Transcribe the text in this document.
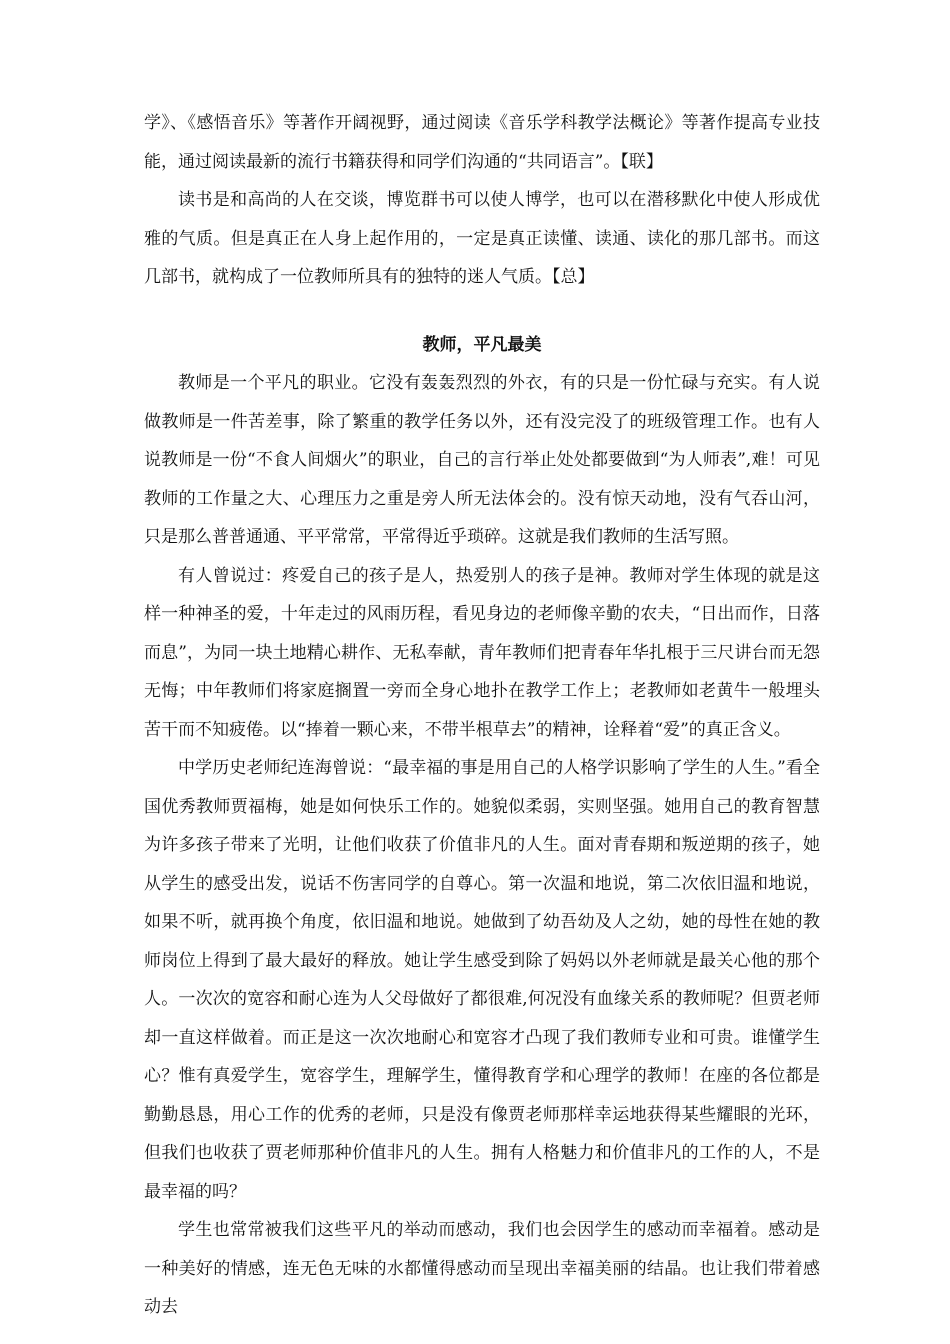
学》、《感悟音乐》等著作开阔视野，通过阅读《音乐学科教学法概论》等著作提高专业技能，通过阅读最新的流行书籍获得和同学们沟通的“共同语言”。【联】

读书是和高尚的人在交谈，博览群书可以使人博学，也可以在潜移默化中使人形成优雅的气质。但是真正在人身上起作用的，一定是真正读懂、读通、读化的那几部书。而这几部书，就构成了一位教师所具有的独特的迷人气质。【总】

教师，平凡最美

教师是一个平凡的职业。它没有轰轰烈烈的外衣，有的只是一份忙碌与充实。有人说做教师是一件苦差事，除了繁重的教学任务以外，还有没完没了的班级管理工作。也有人说教师是一份“不食人间烟火”的职业，自己的言行举止处处都要做到“为人师表”,难！可见教师的工作量之大、心理压力之重是旁人所无法体会的。没有惊天动地，没有气吞山河，只是那么普普通通、平平常常，平常得近乎琐碎。这就是我们教师的生活写照。

有人曾说过：疼爱自己的孩子是人，热爱别人的孩子是神。教师对学生体现的就是这样一种神圣的爱，十年走过的风雨历程，看见身边的老师像辛勤的农夫，“日出而作，日落而息”，为同一块土地精心耕作、无私奉献，青年教师们把青春年华扎根于三尺讲台而无怨无悔；中年教师们将家庭搁置一旁而全身心地扑在教学工作上；老教师如老黄牛一般埋头苦干而不知疲倦。以“捧着一颗心来，不带半根草去”的精神，诠释着“爱”的真正含义。

中学历史老师纪连海曾说：“最幸福的事是用自己的人格学识影响了学生的人生。”看全国优秀教师贾福梅，她是如何快乐工作的。她貌似柔弱，实则坚强。她用自己的教育智慧为许多孩子带来了光明，让他们收获了价值非凡的人生。面对青春期和叛逆期的孩子，她从学生的感受出发，说话不伤害同学的自尊心。第一次温和地说，第二次依旧温和地说，如果不听，就再换个角度，依旧温和地说。她做到了幼吾幼及人之幼，她的母性在她的教师岗位上得到了最大最好的释放。她让学生感受到除了妈妈以外老师就是最关心他的那个人。一次次的宽容和耐心连为人父母做好了都很难,何况没有血缘关系的教师呢？但贾老师却一直这样做着。而正是这一次次地耐心和宽容才凸现了我们教师专业和可贵。谁懂学生心？惟有真爱学生，宽容学生，理解学生，懂得教育学和心理学的教师！在座的各位都是勤勤恳恳，用心工作的优秀的老师，只是没有像贾老师那样幸运地获得某些耀眼的光环，但我们也收获了贾老师那种价值非凡的人生。拥有人格魅力和价值非凡的工作的人，不是最幸福的吗？

学生也常常被我们这些平凡的举动而感动，我们也会因学生的感动而幸福着。感动是一种美好的情感，连无色无味的水都懂得感动而呈现出幸福美丽的结晶。也让我们带着感动去
